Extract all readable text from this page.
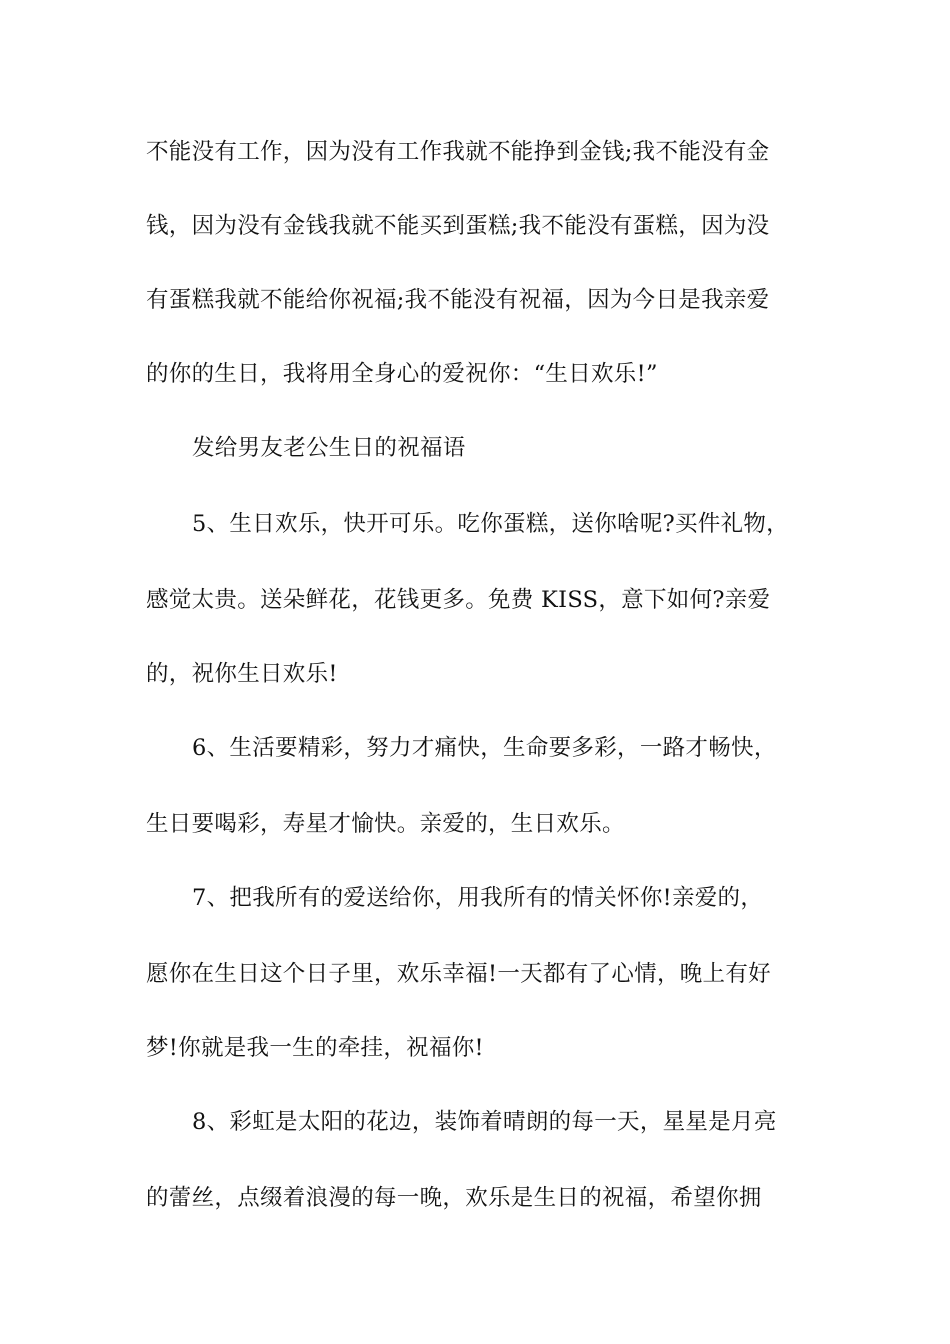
不能没有工作，因为没有工作我就不能挣到金钱;我不能没有金
钱，因为没有金钱我就不能买到蛋糕;我不能没有蛋糕，因为没
有蛋糕我就不能给你祝福;我不能没有祝福，因为今日是我亲爱
的你的生日，我将用全身心的爱祝你：“生日欢乐!”
发给男友老公生日的祝福语
5、生日欢乐，快开可乐。吃你蛋糕，送你啥呢?买件礼物，
感觉太贵。送朵鲜花，花钱更多。免费 KISS，意下如何?亲爱
的，祝你生日欢乐!
6、生活要精彩，努力才痛快，生命要多彩，一路才畅快，
生日要喝彩，寿星才愉快。亲爱的，生日欢乐。
7、把我所有的爱送给你，用我所有的情关怀你!亲爱的，
愿你在生日这个日子里，欢乐幸福!一天都有了心情，晚上有好
梦!你就是我一生的牵挂，祝福你!
8、彩虹是太阳的花边，装饰着晴朗的每一天，星星是月亮
的蕾丝，点缀着浪漫的每一晚，欢乐是生日的祝福，希望你拥
